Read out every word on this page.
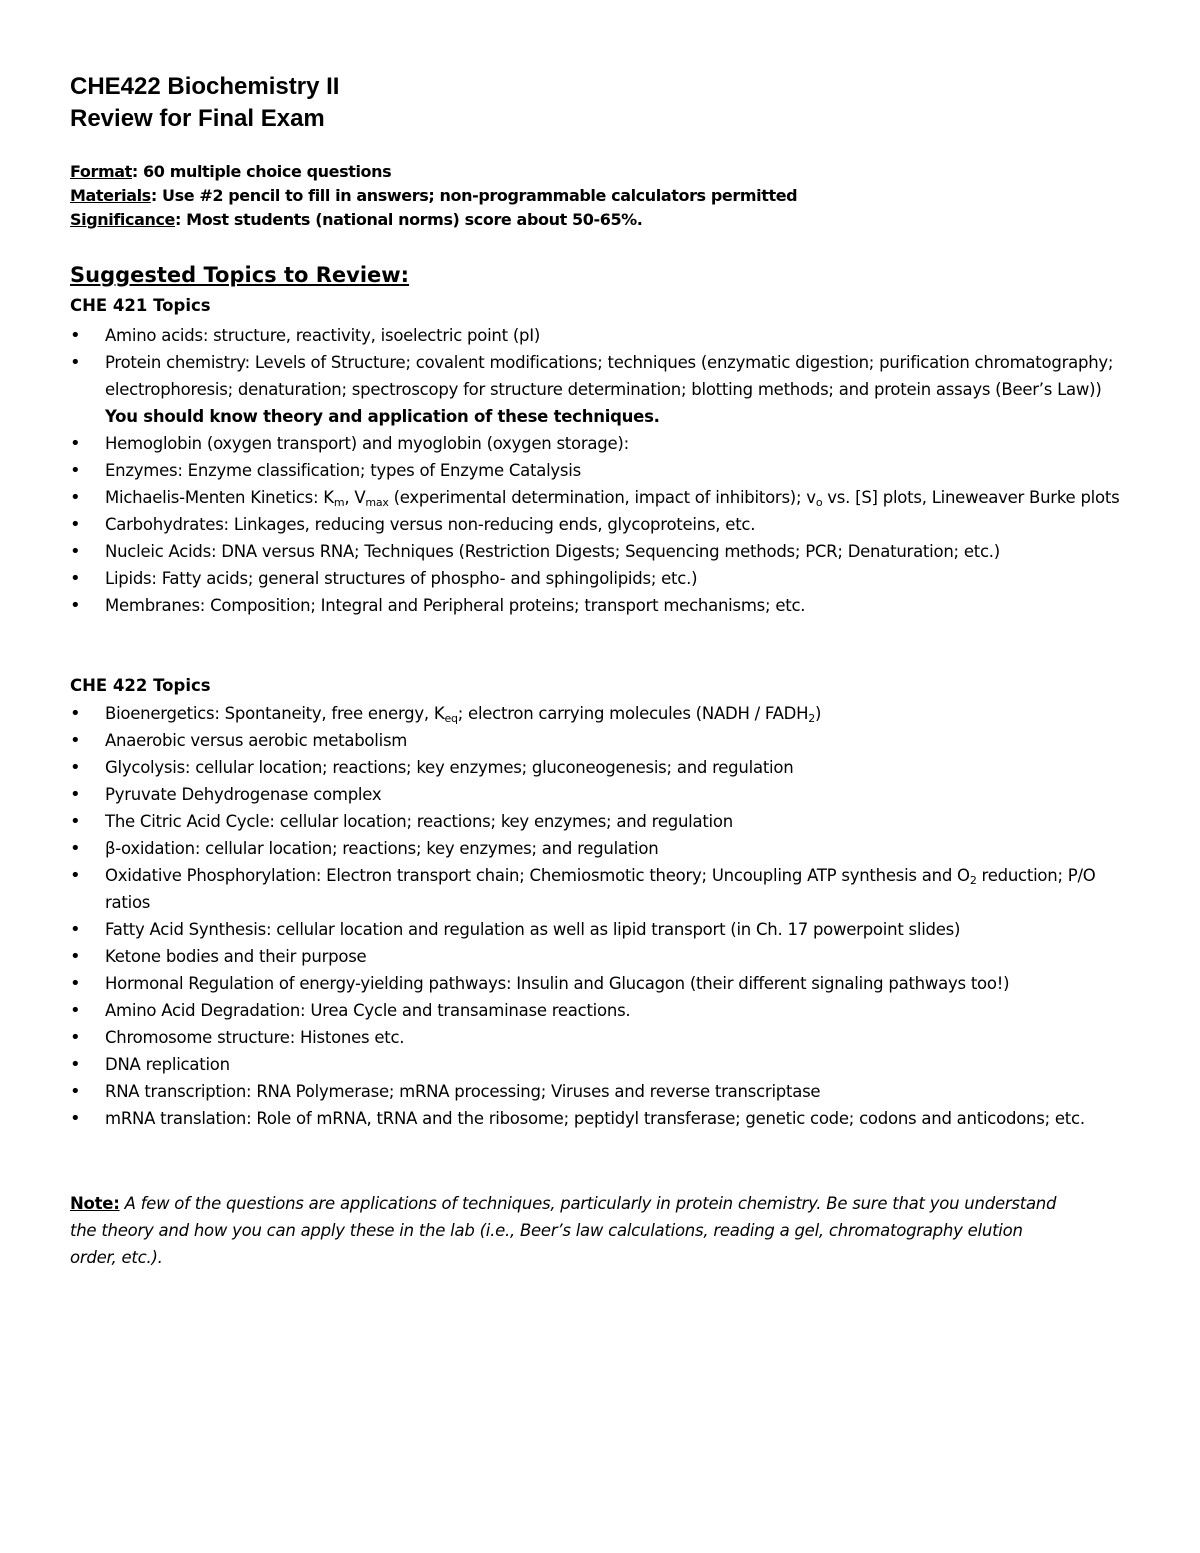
CHE422 Biochemistry II
Review for Final Exam
Format: 60 multiple choice questions
Materials: Use #2 pencil to fill in answers; non-programmable calculators permitted
Significance: Most students (national norms) score about 50-65%.
Suggested Topics to Review:
CHE 421 Topics
• Amino acids: structure, reactivity, isoelectric point (pI)
• Protein chemistry: Levels of Structure; covalent modifications; techniques (enzymatic digestion; purification chromatography; electrophoresis; denaturation; spectroscopy for structure determination; blotting methods; and protein assays (Beer’s Law)) You should know theory and application of these techniques.
• Hemoglobin (oxygen transport) and myoglobin (oxygen storage):
• Enzymes: Enzyme classification; types of Enzyme Catalysis
• Michaelis-Menten Kinetics: $K_m$, $V_{max}$ (experimental determination, impact of inhibitors); $v_o$ vs. [S] plots, Lineweaver Burke plots
• Carbohydrates: Linkages, reducing versus non-reducing ends, glycoproteins, etc.
• Nucleic Acids: DNA versus RNA; Techniques (Restriction Digests; Sequencing methods; PCR; Denaturation; etc.)
• Lipids: Fatty acids; general structures of phospho- and sphingolipids; etc.)
• Membranes: Composition; Integral and Peripheral proteins; transport mechanisms; etc.
CHE 422 Topics
• Bioenergetics: Spontaneity, free energy, $K_{eq}$; electron carrying molecules (NADH / $FADH_2$)
• Anaerobic versus aerobic metabolism
• Glycolysis: cellular location; reactions; key enzymes; gluconeogenesis; and regulation
• Pyruvate Dehydrogenase complex
• The Citric Acid Cycle: cellular location; reactions; key enzymes; and regulation
• β-oxidation: cellular location; reactions; key enzymes; and regulation
• Oxidative Phosphorylation: Electron transport chain; Chemiosmotic theory; Uncoupling ATP synthesis and $O_2$ reduction; P/O ratios
• Fatty Acid Synthesis: cellular location and regulation as well as lipid transport (in Ch. 17 powerpoint slides)
• Ketone bodies and their purpose
• Hormonal Regulation of energy-yielding pathways: Insulin and Glucagon (their different signaling pathways too!)
• Amino Acid Degradation: Urea Cycle and transaminase reactions.
• Chromosome structure: Histones etc.
• DNA replication
• RNA transcription: RNA Polymerase; mRNA processing; Viruses and reverse transcriptase
• mRNA translation: Role of mRNA, tRNA and the ribosome; peptidyl transferase; genetic code; codons and anticodons; etc.
Note: A few of the questions are applications of techniques, particularly in protein chemistry. Be sure that you understand the theory and how you can apply these in the lab (i.e., Beer’s law calculations, reading a gel, chromatography elution order, etc.).
